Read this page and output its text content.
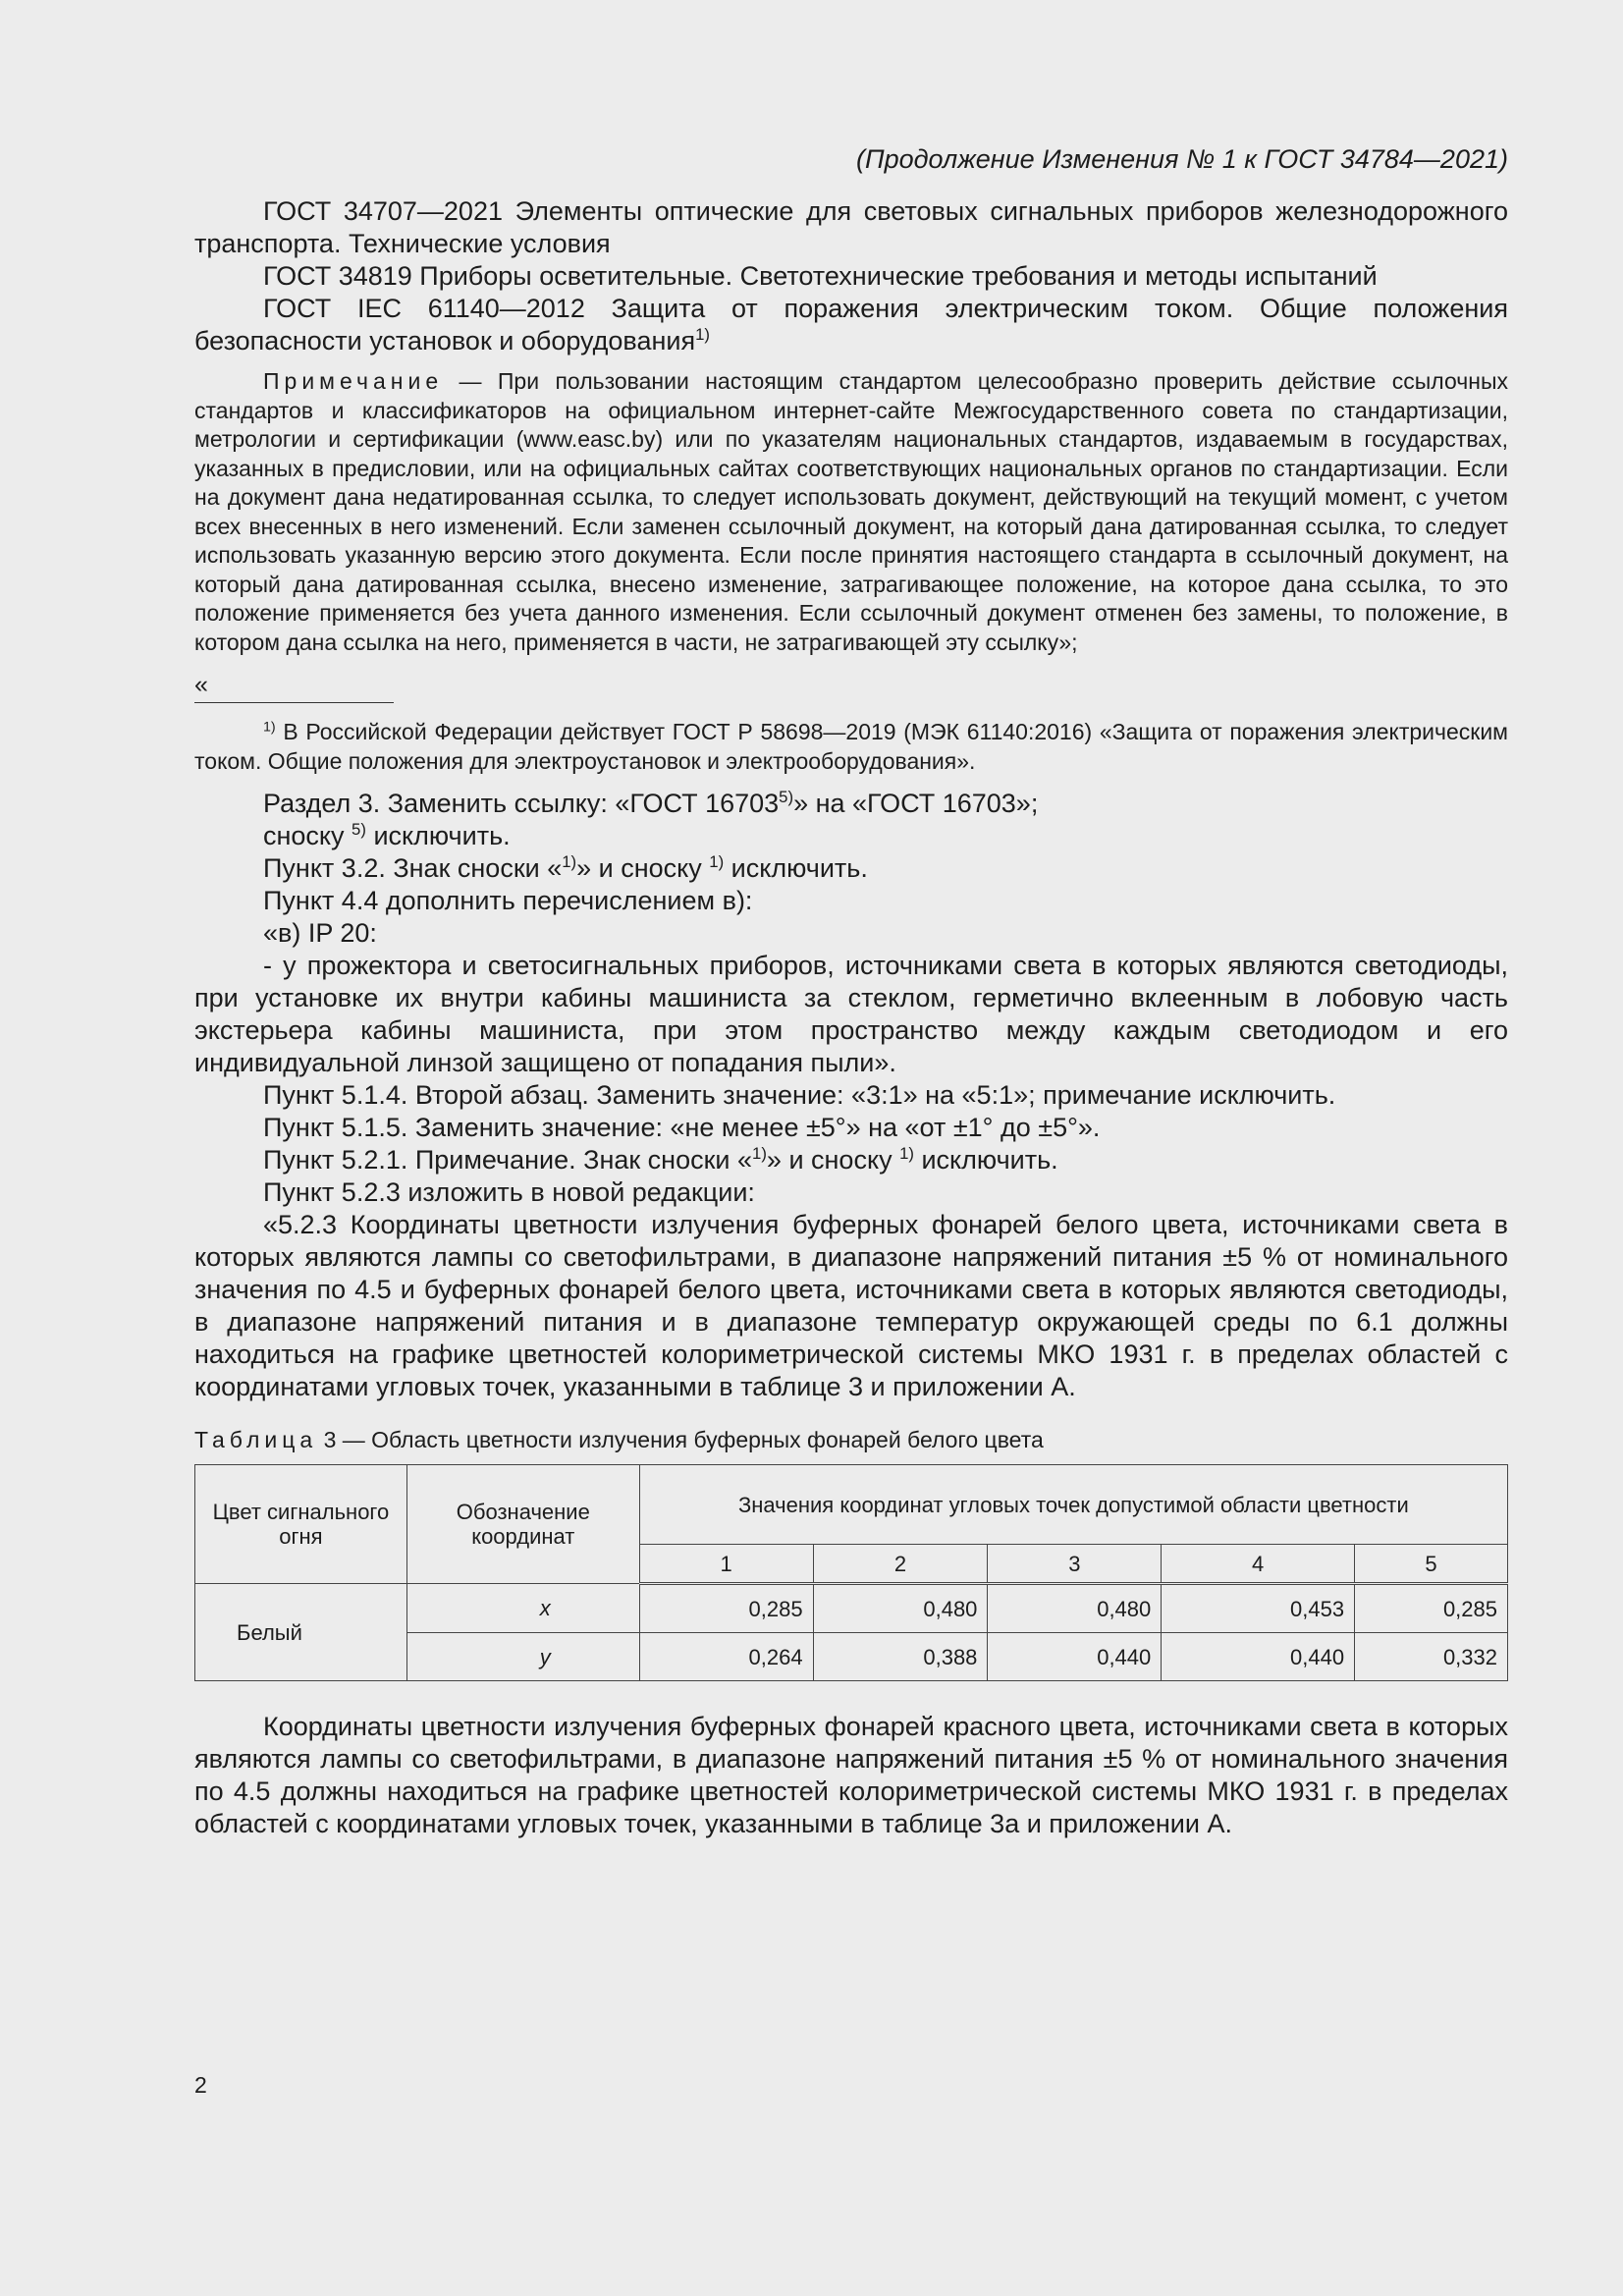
(Продолжение Изменения № 1 к ГОСТ 34784—2021)

ГОСТ 34707—2021 Элементы оптические для световых сигнальных приборов железнодорожного транспорта. Технические условия

ГОСТ 34819 Приборы осветительные. Светотехнические требования и методы испытаний

ГОСТ IEC 61140—2012 Защита от поражения электрическим током. Общие положения безопасности установок и оборудования$^{1)}$

Примечание — При пользовании настоящим стандартом целесообразно проверить действие ссылочных стандартов и классификаторов на официальном интернет-сайте Межгосударственного совета по стандартизации, метрологии и сертификации (www.easc.by) или по указателям национальных стандартов, издаваемым в государствах, указанных в предисловии, или на официальных сайтах соответствующих национальных органов по стандартизации. Если на документ дана недатированная ссылка, то следует использовать документ, действующий на текущий момент, с учетом всех внесенных в него изменений. Если заменен ссылочный документ, на который дана датированная ссылка, то следует использовать указанную версию этого документа. Если после принятия настоящего стандарта в ссылочный документ, на который дана датированная ссылка, внесено изменение, затрагивающее положение, на которое дана ссылка, то это положение применяется без учета данного изменения. Если ссылочный документ отменен без замены, то положение, в котором дана ссылка на него, применяется в части, не затрагивающей эту ссылку»;

«

$^{1)}$ В Российской Федерации действует ГОСТ Р 58698—2019 (МЭК 61140:2016) «Защита от поражения электрическим током. Общие положения для электроустановок и электрооборудования».

Раздел 3. Заменить ссылку: «ГОСТ 16703$^{5)}$» на «ГОСТ 16703»;

сноску $^{5)}$ исключить.

Пункт 3.2. Знак сноски «$^{1)}$» и сноску $^{1)}$ исключить.

Пункт 4.4 дополнить перечислением в):

«в) IP 20:

- у прожектора и светосигнальных приборов, источниками света в которых являются светодиоды, при установке их внутри кабины машиниста за стеклом, герметично вклеенным в лобовую часть экстерьера кабины машиниста, при этом пространство между каждым светодиодом и его индивидуальной линзой защищено от попадания пыли».

Пункт 5.1.4. Второй абзац. Заменить значение: «3:1» на «5:1»; примечание исключить.

Пункт 5.1.5. Заменить значение: «не менее ±5°» на «от ±1° до ±5°».

Пункт 5.2.1. Примечание. Знак сноски «$^{1)}$» и сноску $^{1)}$ исключить.

Пункт 5.2.3 изложить в новой редакции:

«5.2.3 Координаты цветности излучения буферных фонарей белого цвета, источниками света в которых являются лампы со светофильтрами, в диапазоне напряжений питания ±5 % от номинального значения по 4.5 и буферных фонарей белого цвета, источниками света в которых являются светодиоды, в диапазоне напряжений питания и в диапазоне температур окружающей среды по 6.1 должны находиться на графике цветностей колориметрической системы МКО 1931 г. в пределах областей с координатами угловых точек, указанными в таблице 3 и приложении А.

Таблица 3 — Область цветности излучения буферных фонарей белого цвета

Цвет сигнального огня	Обозначение координат	Значения координат угловых точек допустимой области цветности				
		1	2	3	4	5
Белый	x	0,285	0,480	0,480	0,453	0,285
	y	0,264	0,388	0,440	0,440	0,332

Координаты цветности излучения буферных фонарей красного цвета, источниками света в которых являются лампы со светофильтрами, в диапазоне напряжений питания ±5 % от номинального значения по 4.5 должны находиться на графике цветностей колориметрической системы МКО 1931 г. в пределах областей с координатами угловых точек, указанными в таблице 3а и приложении А.

2
